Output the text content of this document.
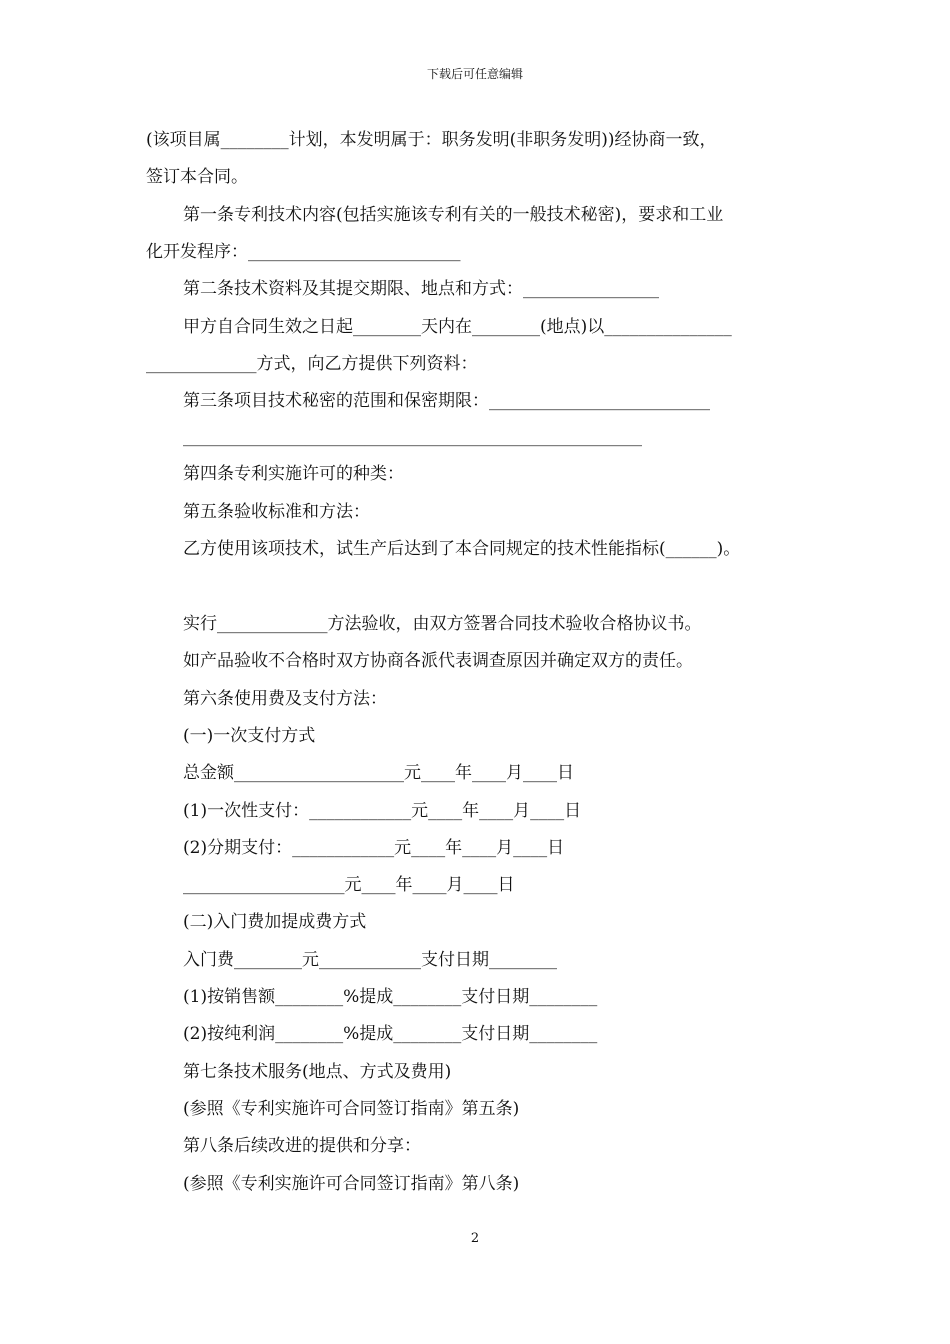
下载后可任意编辑
(该项目属________计划，本发明属于：职务发明(非职务发明))经协商一致，
签订本合同。
第一条专利技术内容(包括实施该专利有关的一般技术秘密)，要求和工业
化开发程序：_________________________
第二条技术资料及其提交期限、地点和方式：________________
甲方自合同生效之日起________天内在________(地点)以_______________
_____________方式，向乙方提供下列资料：
第三条项目技术秘密的范围和保密期限：__________________________
______________________________________________________
第四条专利实施许可的种类：
第五条验收标准和方法：
乙方使用该项技术，试生产后达到了本合同规定的技术性能指标(______)。
实行_____________方法验收，由双方签署合同技术验收合格协议书。
如产品验收不合格时双方协商各派代表调查原因并确定双方的责任。
第六条使用费及支付方法：
(一)一次支付方式
总金额____________________元____年____月____日
(1)一次性支付：____________元____年____月____日
(2)分期支付：____________元____年____月____日
___________________元____年____月____日
(二)入门费加提成费方式
入门费________元____________支付日期________
(1)按销售额________%提成________支付日期________
(2)按纯利润________%提成________支付日期________
第七条技术服务(地点、方式及费用)
(参照《专利实施许可合同签订指南》第五条)
第八条后续改进的提供和分享：
(参照《专利实施许可合同签订指南》第八条)
2
